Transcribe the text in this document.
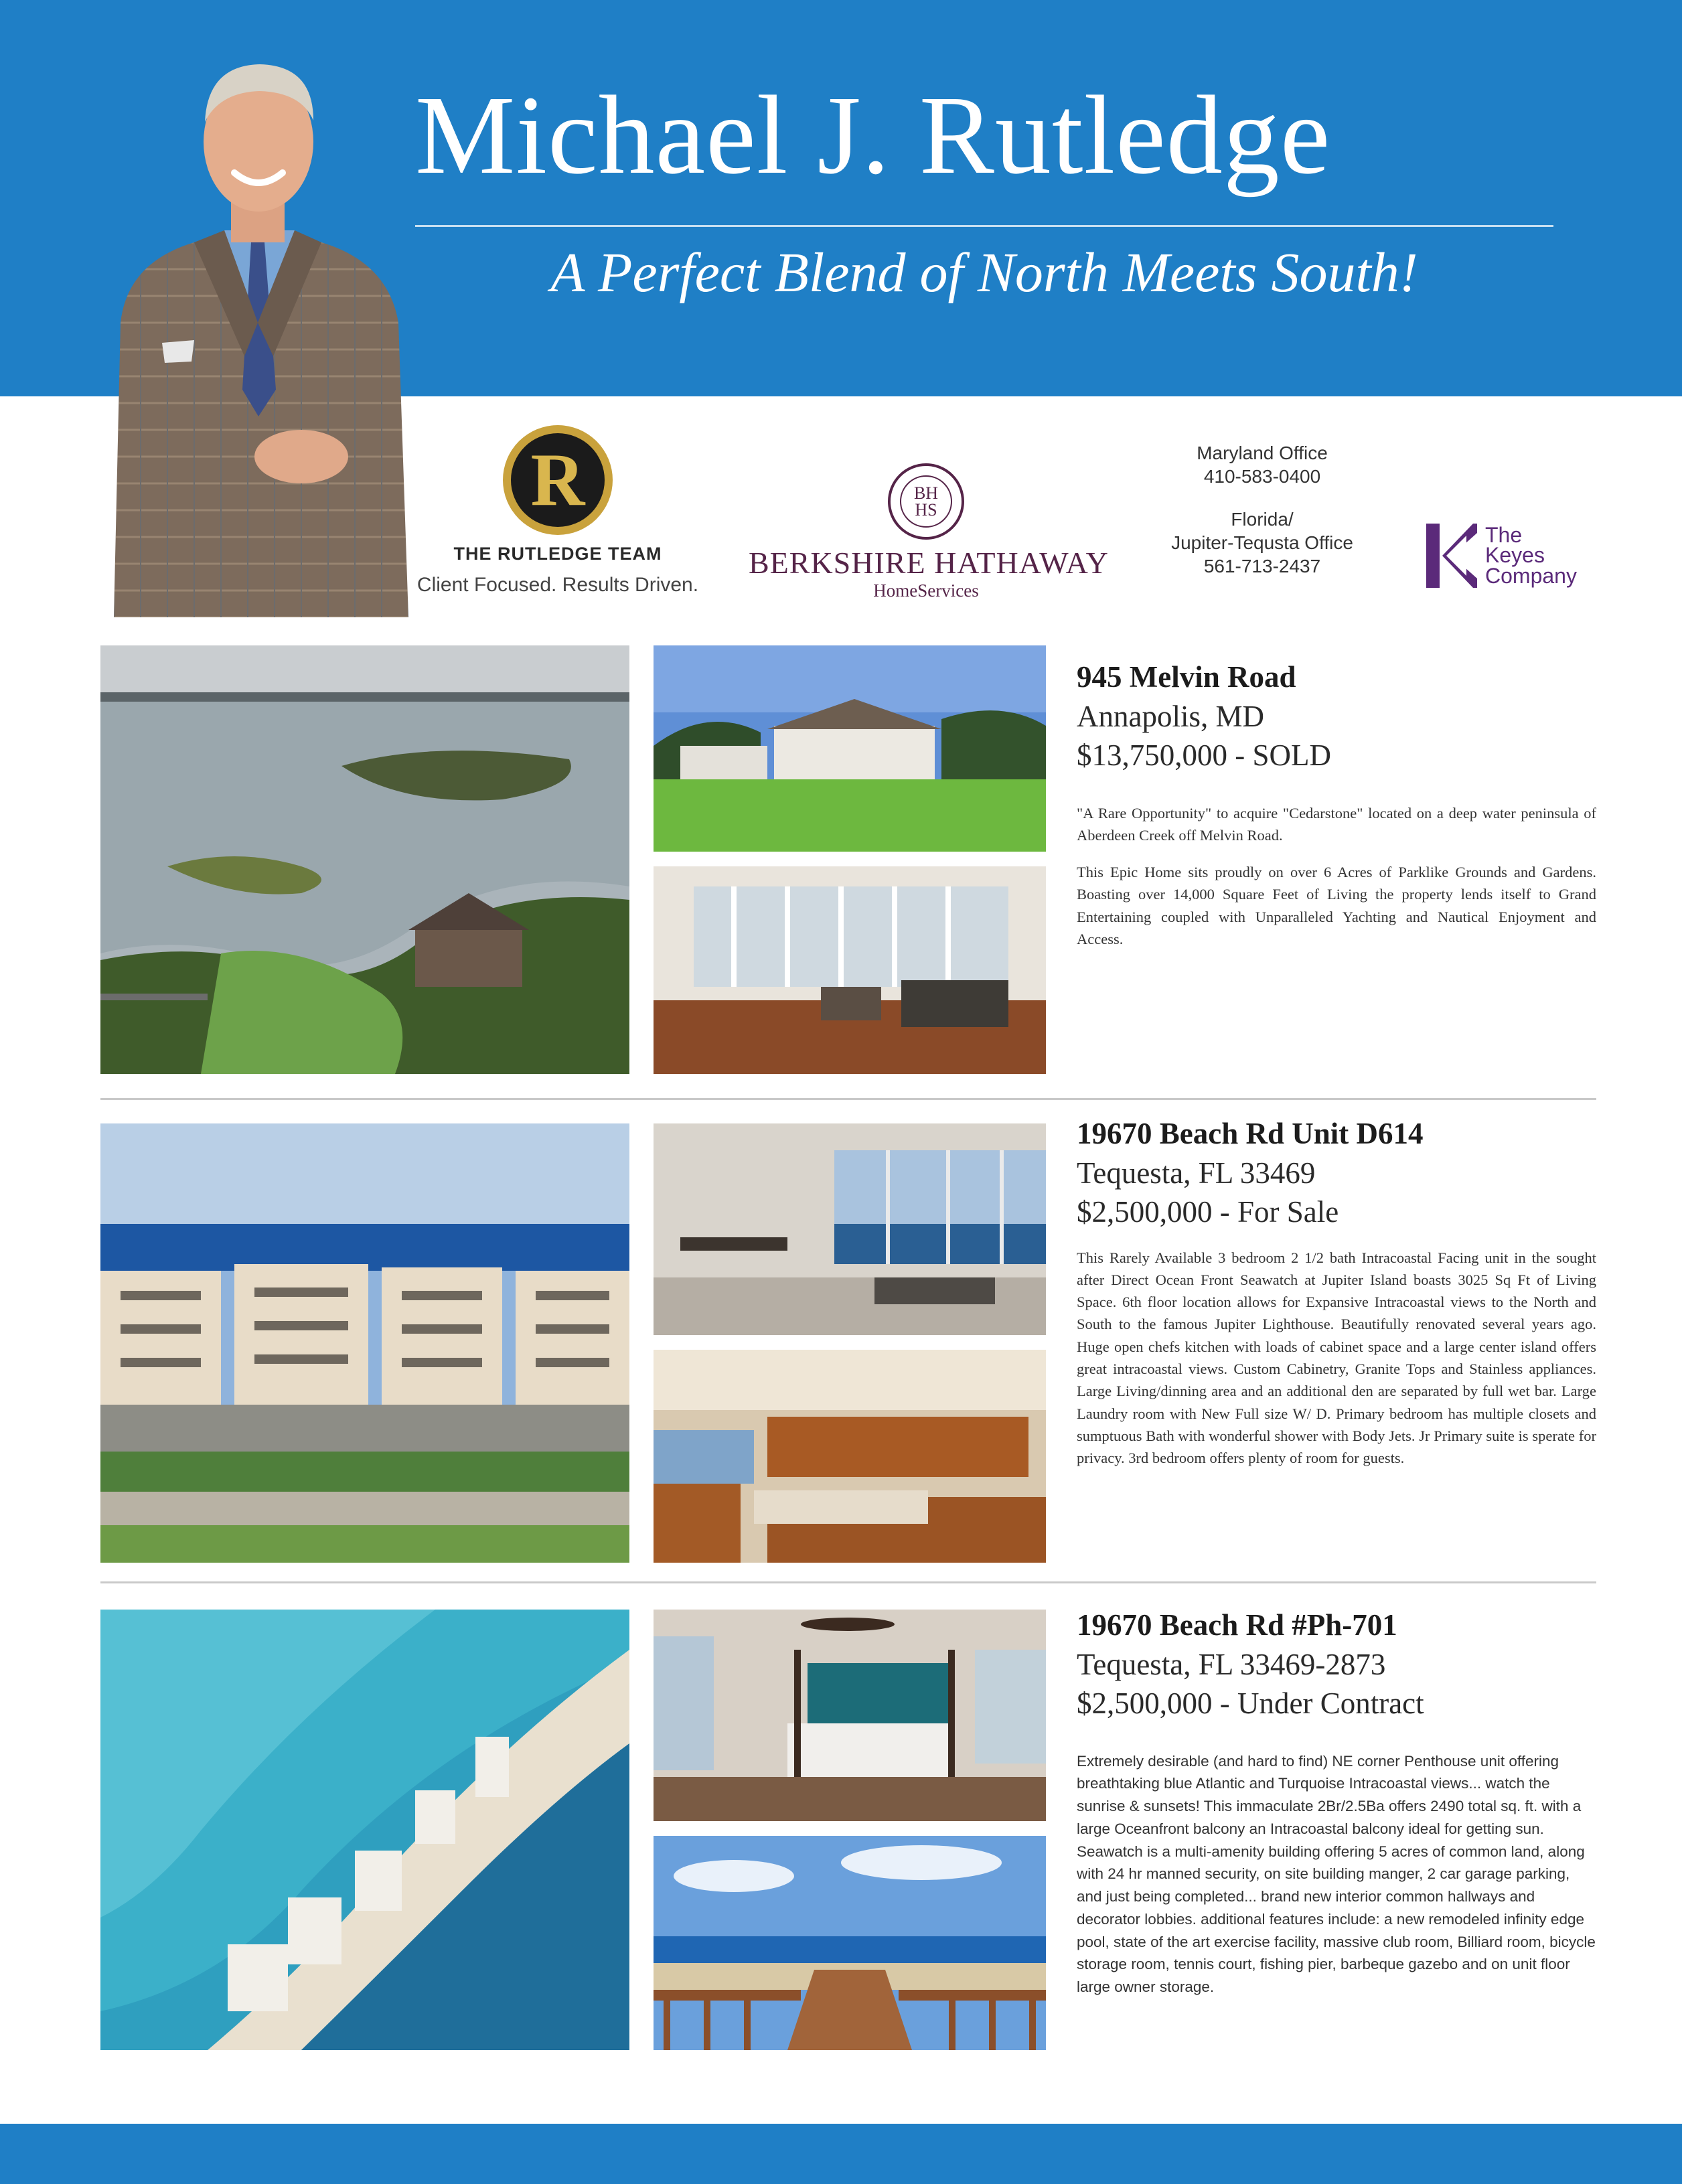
Michael J. Rutledge
A Perfect Blend of North Meets South!
R
THE RUTLEDGE TEAM
Client Focused. Results Driven.
BH
HS
BERKSHIRE HATHAWAY
HomeServices
Maryland Office
410-583-0400
Florida/
Jupiter-Tequsta Office
561-713-2437
The
Keyes
Company
945 Melvin Road
Annapolis, MD
$13,750,000 - SOLD

"A Rare Opportunity" to acquire "Cedarstone" located on a deep water peninsula of Aberdeen Creek off Melvin Road.

This Epic Home sits proudly on over 6 Acres of Parklike Grounds and Gardens. Boasting over 14,000 Square Feet of Living the property lends itself to Grand Entertaining coupled with Unparalleled Yachting and Nautical Enjoyment and Access.

19670 Beach Rd Unit D614
Tequesta, FL 33469
$2,500,000 - For Sale

This Rarely Available 3 bedroom 2 1/2 bath Intracoastal Facing unit in the sought after Direct Ocean Front Seawatch at Jupiter Island boasts 3025 Sq Ft of Living Space. 6th floor location allows for Expansive Intracoastal views to the North and South to the famous Jupiter Lighthouse. Beautifully renovated several years ago. Huge open chefs kitchen with loads of cabinet space and a large center island offers great intracoastal views. Custom Cabinetry, Granite Tops and Stainless appliances. Large Living/dinning area and an additional den are separated by full wet bar. Large Laundry room with New Full size W/ D. Primary bedroom has multiple closets and sumptuous Bath with wonderful shower with Body Jets. Jr Primary suite is sperate for privacy. 3rd bedroom offers plenty of room for guests.

19670 Beach Rd #Ph-701
Tequesta, FL 33469-2873
$2,500,000 - Under Contract

Extremely desirable (and hard to find) NE corner Penthouse unit offering breathtaking blue Atlantic and Turquoise Intracoastal views... watch the sunrise & sunsets! This immaculate 2Br/2.5Ba offers 2490 total sq. ft. with a large Oceanfront balcony an Intracoastal balcony ideal for getting sun. Seawatch is a multi-amenity building offering 5 acres of common land, along with 24 hr manned security, on site building manger, 2 car garage parking, and just being completed... brand new interior common hallways and decorator lobbies. additional features include: a new remodeled infinity edge pool, state of the art exercise facility, massive club room, Billiard room, bicycle storage room, tennis court, fishing pier, barbeque gazebo and on unit floor large owner storage.
